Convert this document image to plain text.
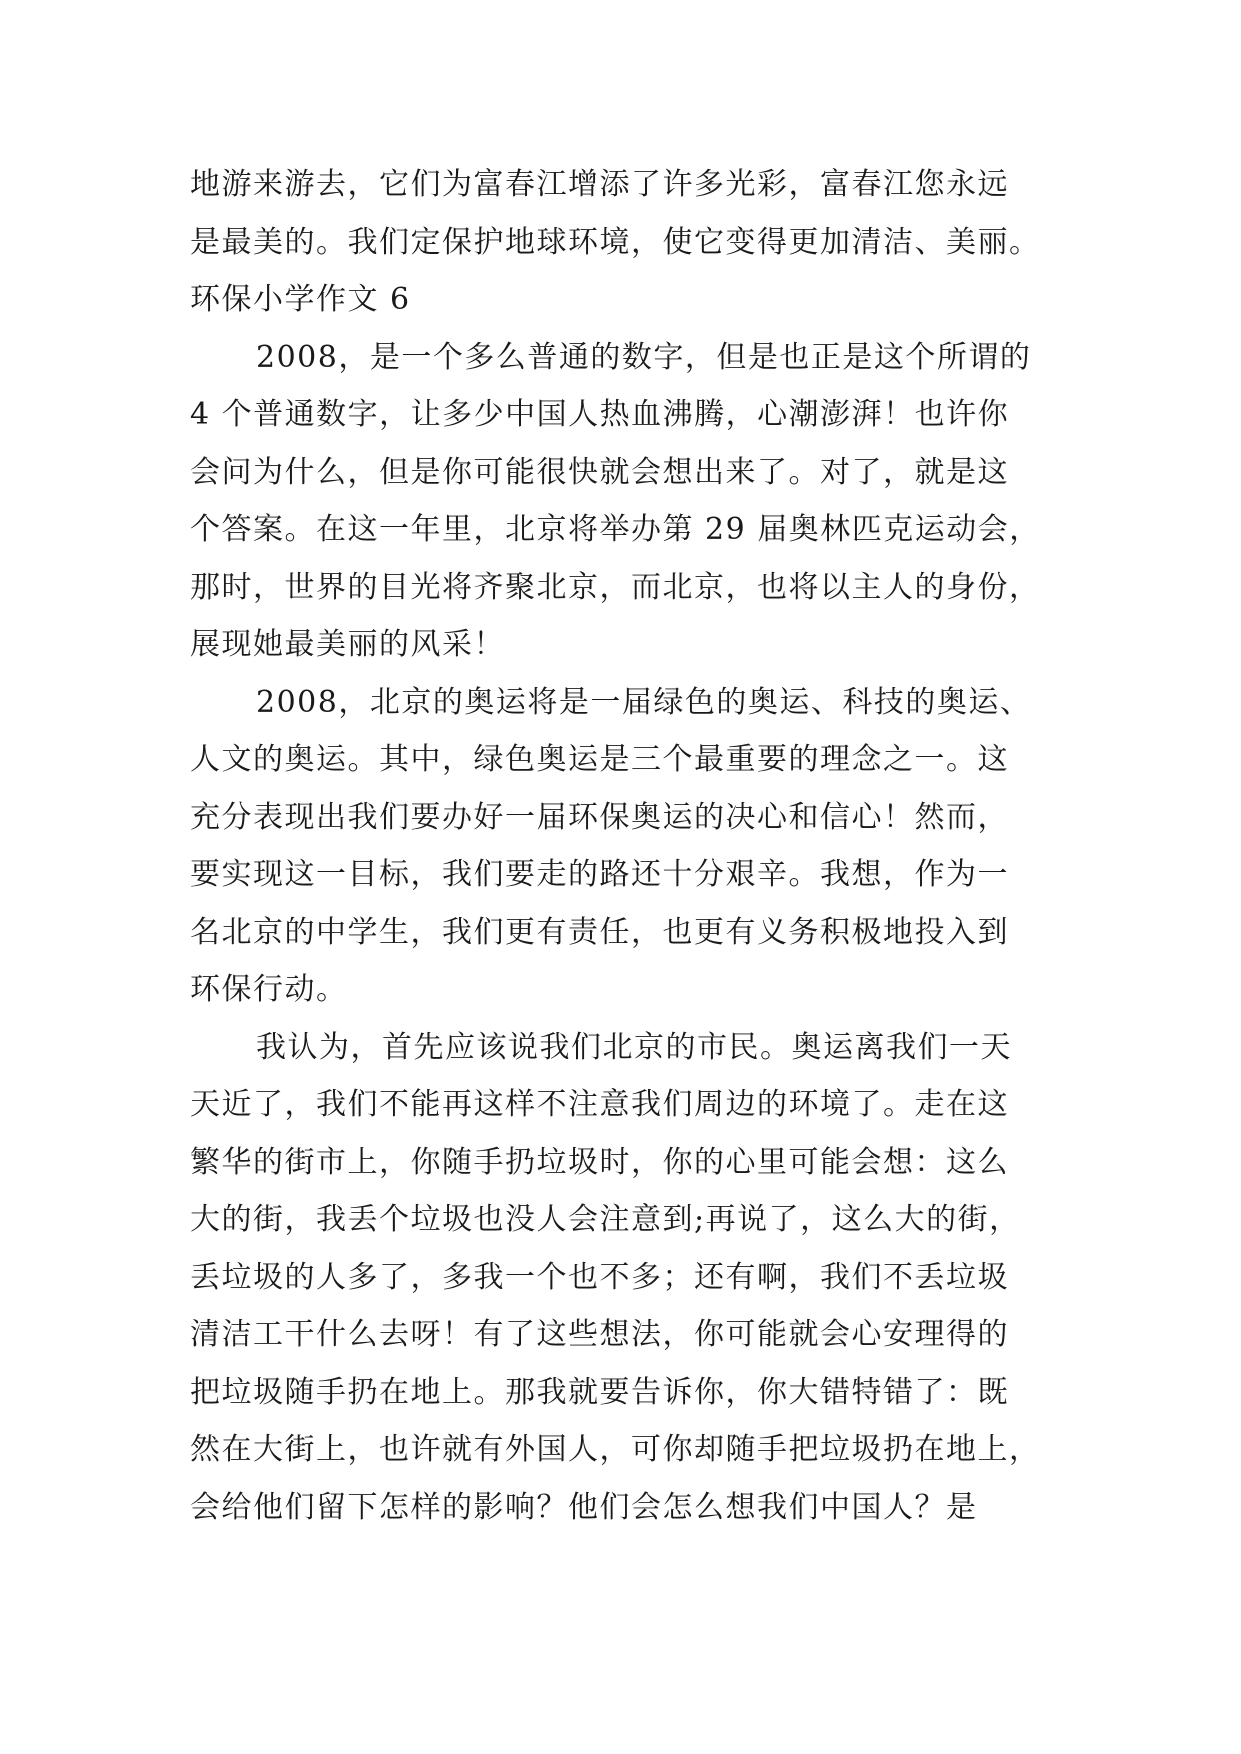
地游来游去，它们为富春江增添了许多光彩，富春江您永远
是最美的。我们定保护地球环境，使它变得更加清洁、美丽。
环保小学作文 6
2008，是一个多么普通的数字，但是也正是这个所谓的
4 个普通数字，让多少中国人热血沸腾，心潮澎湃！也许你
会问为什么，但是你可能很快就会想出来了。对了，就是这
个答案。在这一年里，北京将举办第 29 届奥林匹克运动会，
那时，世界的目光将齐聚北京，而北京，也将以主人的身份，
展现她最美丽的风采！
2008，北京的奥运将是一届绿色的奥运、科技的奥运、
人文的奥运。其中，绿色奥运是三个最重要的理念之一。这
充分表现出我们要办好一届环保奥运的决心和信心！然而，
要实现这一目标，我们要走的路还十分艰辛。我想，作为一
名北京的中学生，我们更有责任，也更有义务积极地投入到
环保行动。
我认为，首先应该说我们北京的市民。奥运离我们一天
天近了，我们不能再这样不注意我们周边的环境了。走在这
繁华的街市上，你随手扔垃圾时，你的心里可能会想：这么
大的街，我丢个垃圾也没人会注意到;再说了，这么大的街，
丢垃圾的人多了，多我一个也不多；还有啊，我们不丢垃圾
清洁工干什么去呀！有了这些想法，你可能就会心安理得的
把垃圾随手扔在地上。那我就要告诉你，你大错特错了：既
然在大街上，也许就有外国人，可你却随手把垃圾扔在地上，
会给他们留下怎样的影响？他们会怎么想我们中国人？是
